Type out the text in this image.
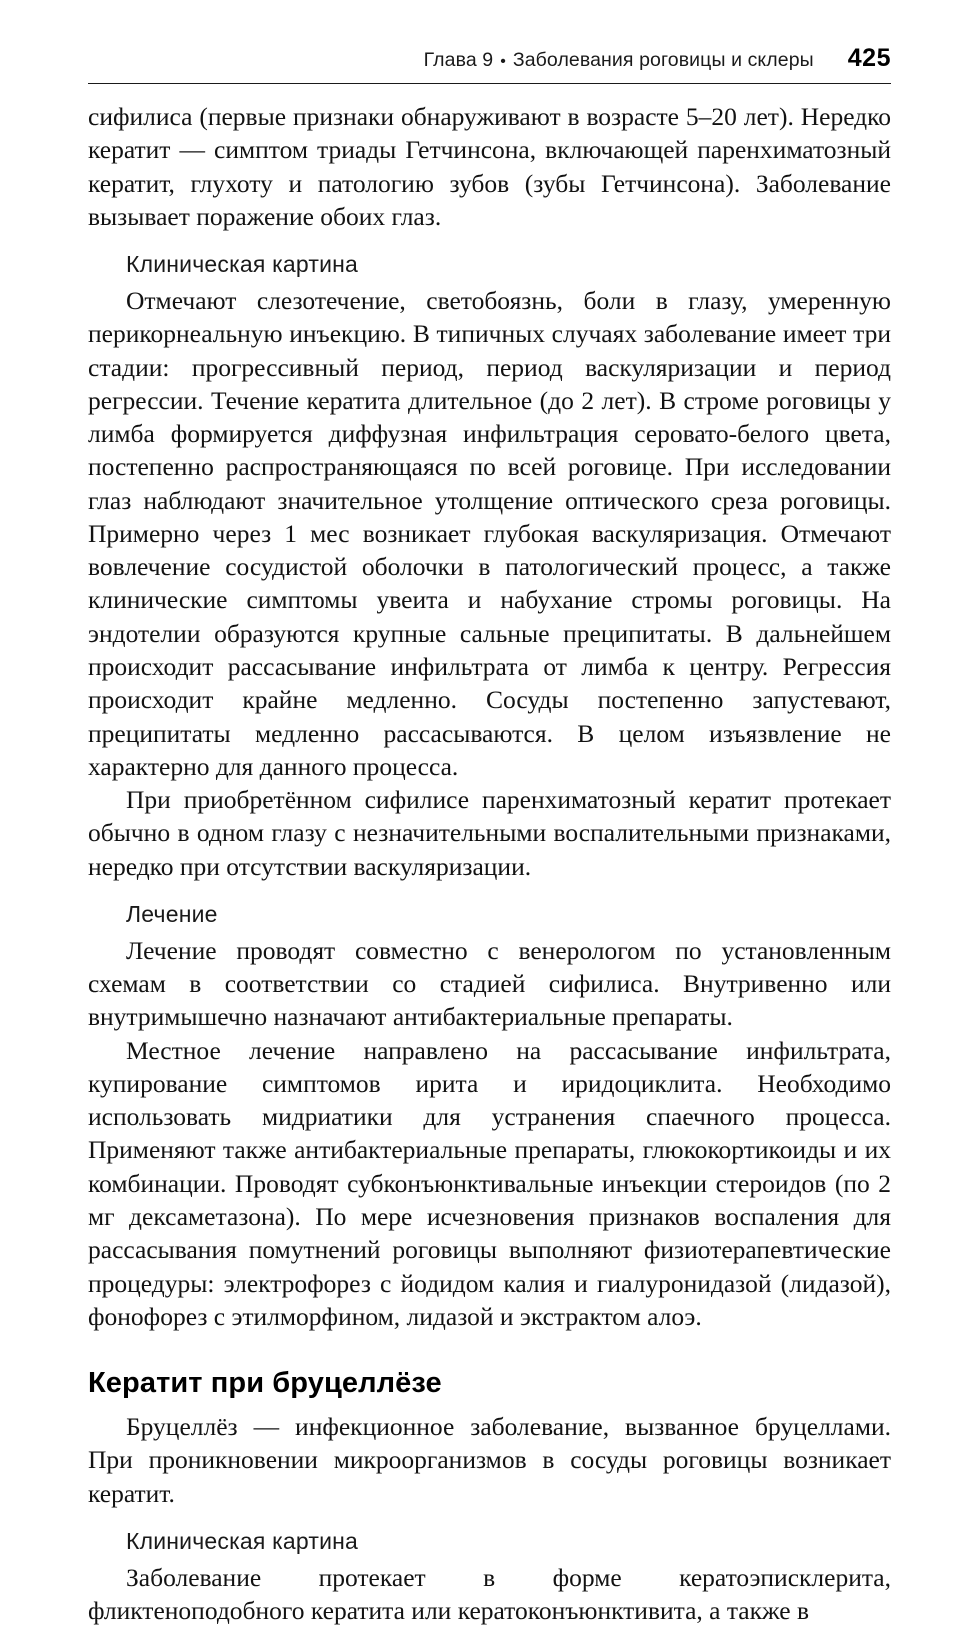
Глава 9 • Заболевания роговицы и склеры 425

сифилиса (первые признаки обнаруживают в возрасте 5–20 лет). Нередко кератит — симптом триады Гетчинсона, включающей паренхиматозный кератит, глухоту и патологию зубов (зубы Гетчинсона). Заболевание вызывает поражение обоих глаз.

Клиническая картина

Отмечают слезотечение, светобоязнь, боли в глазу, умеренную перикорнеальную инъекцию. В типичных случаях заболевание имеет три стадии: прогрессивный период, период васкуляризации и период регрессии. Течение кератита длительное (до 2 лет). В строме роговицы у лимба формируется диффузная инфильтрация серовато-белого цвета, постепенно распространяющаяся по всей роговице. При исследовании глаз наблюдают значительное утолщение оптического среза роговицы. Примерно через 1 мес возникает глубокая васкуляризация. Отмечают вовлечение сосудистой оболочки в патологический процесс, а также клинические симптомы увеита и набухание стромы роговицы. На эндотелии образуются крупные сальные преципитаты. В дальнейшем происходит рассасывание инфильтрата от лимба к центру. Регрессия происходит крайне медленно. Сосуды постепенно запустевают, преципитаты медленно рассасываются. В целом изъязвление не характерно для данного процесса.

При приобретённом сифилисе паренхиматозный кератит протекает обычно в одном глазу с незначительными воспалительными признаками, нередко при отсутствии васкуляризации.

Лечение

Лечение проводят совместно с венерологом по установленным схемам в соответствии со стадией сифилиса. Внутривенно или внутримышечно назначают антибактериальные препараты.

Местное лечение направлено на рассасывание инфильтрата, купирование симптомов ирита и иридоциклита. Необходимо использовать мидриатики для устранения спаечного процесса. Применяют также антибактериальные препараты, глюкокортикоиды и их комбинации. Проводят субконъюнктивальные инъекции стероидов (по 2 мг дексаметазона). По мере исчезновения признаков воспаления для рассасывания помутнений роговицы выполняют физиотерапевтические процедуры: электрофорез с йодидом калия и гиалуронидазой (лидазой), фонофорез с этилморфином, лидазой и экстрактом алоэ.

Кератит при бруцеллёзе

Бруцеллёз — инфекционное заболевание, вызванное бруцеллами. При проникновении микроорганизмов в сосуды роговицы возникает кератит.

Клиническая картина

Заболевание протекает в форме кератоэписклерита, фликтеноподобного кератита или кератоконъюнктивита, а также в
